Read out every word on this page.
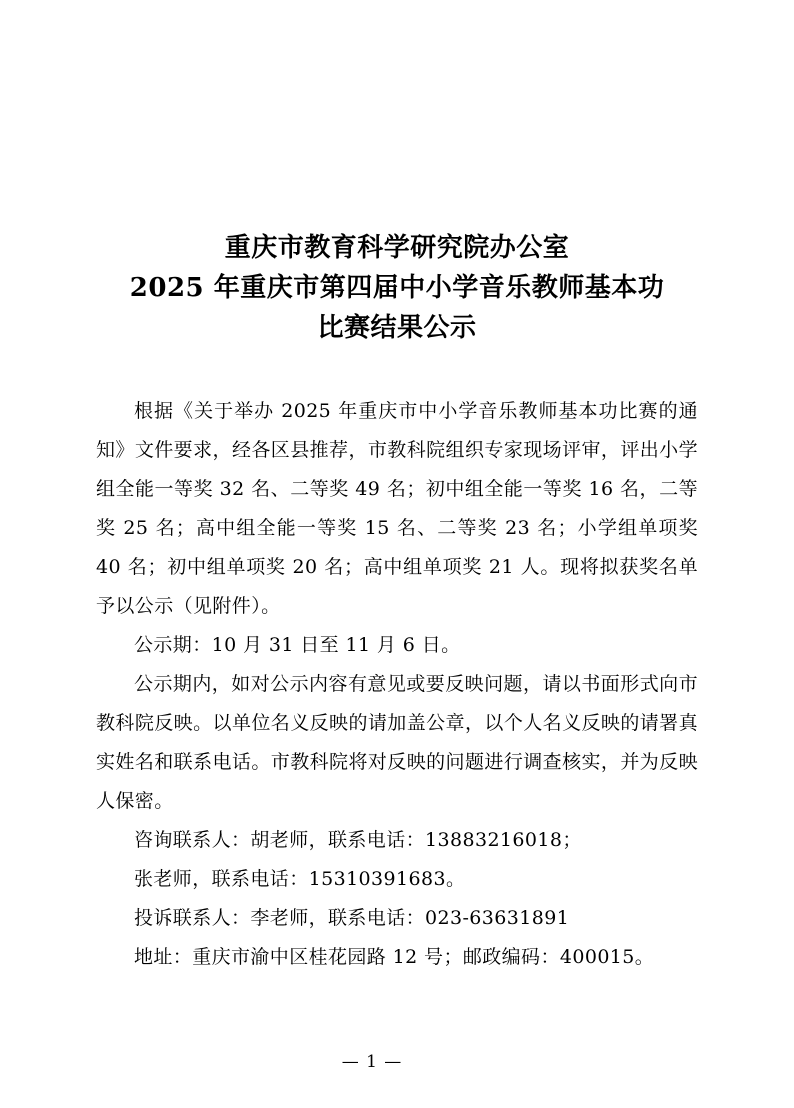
重庆市教育科学研究院办公室
2025 年重庆市第四届中小学音乐教师基本功
比赛结果公示

根据《关于举办 2025 年重庆市中小学音乐教师基本功比赛的通知》文件要求，经各区县推荐，市教科院组织专家现场评审，评出小学组全能一等奖 32 名、二等奖 49 名；初中组全能一等奖 16 名，二等奖 25 名；高中组全能一等奖 15 名、二等奖 23 名；小学组单项奖 40 名；初中组单项奖 20 名；高中组单项奖 21 人。现将拟获奖名单予以公示（见附件）。

公示期：10 月 31 日至 11 月 6 日。

公示期内，如对公示内容有意见或要反映问题，请以书面形式向市教科院反映。以单位名义反映的请加盖公章，以个人名义反映的请署真实姓名和联系电话。市教科院将对反映的问题进行调查核实，并为反映人保密。

咨询联系人：胡老师，联系电话：13883216018；

张老师，联系电话：15310391683。

投诉联系人：李老师，联系电话：023-63631891

地址：重庆市渝中区桂花园路 12 号；邮政编码：400015。

— 1 —
